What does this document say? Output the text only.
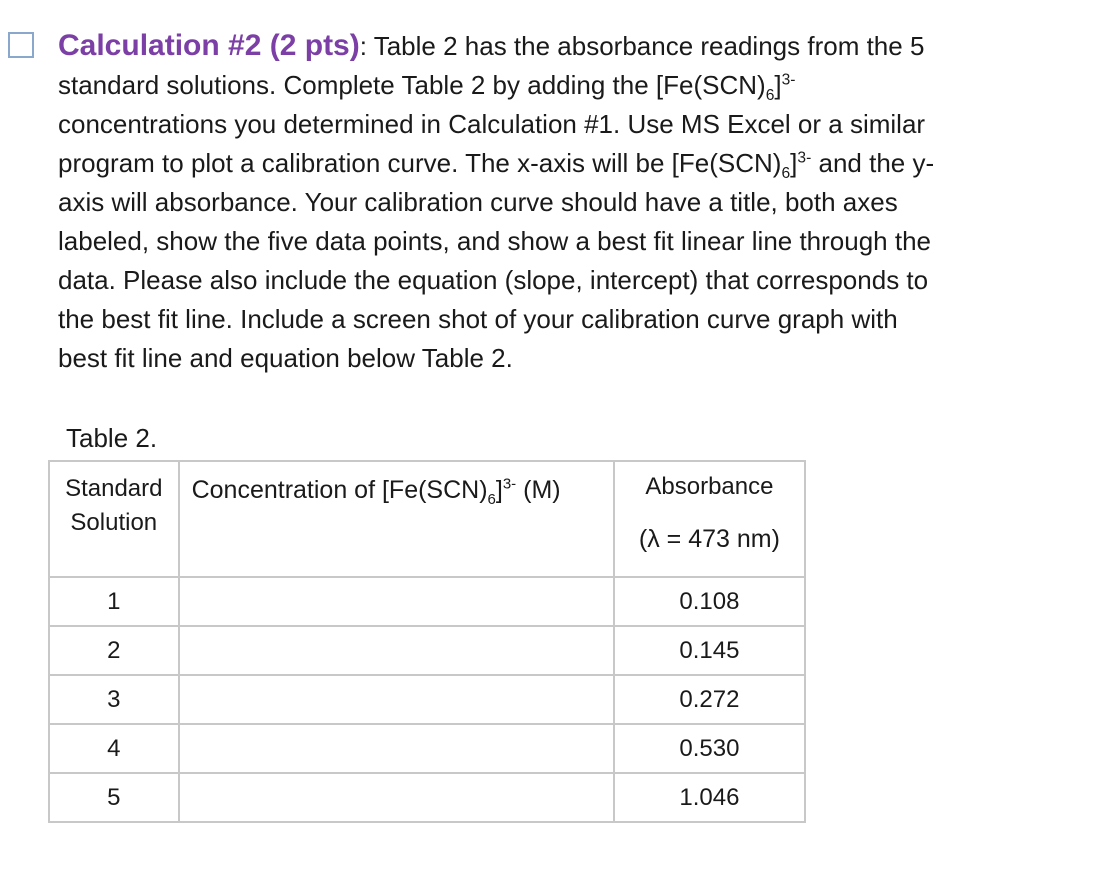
Calculation #2 (2 pts): Table 2 has the absorbance readings from the 5
standard solutions. Complete Table 2 by adding the $[Fe(SCN)_6]^{3-}$
concentrations you determined in Calculation #1. Use MS Excel or a similar
program to plot a calibration curve. The x-axis will be $[Fe(SCN)_6]^{3-}$ and the y-
axis will absorbance. Your calibration curve should have a title, both axes
labeled, show the five data points, and show a best fit linear line through the
data. Please also include the equation (slope, intercept) that corresponds to
the best fit line. Include a screen shot of your calibration curve graph with
best fit line and equation below Table 2.
Table 2.
Standard
Solution	Concentration of $[Fe(SCN)_6]^{3-}$ (M)	Absorbance
(λ = 473 nm)

1		0.108
2		0.145
3		0.272
4		0.530
5		1.046
